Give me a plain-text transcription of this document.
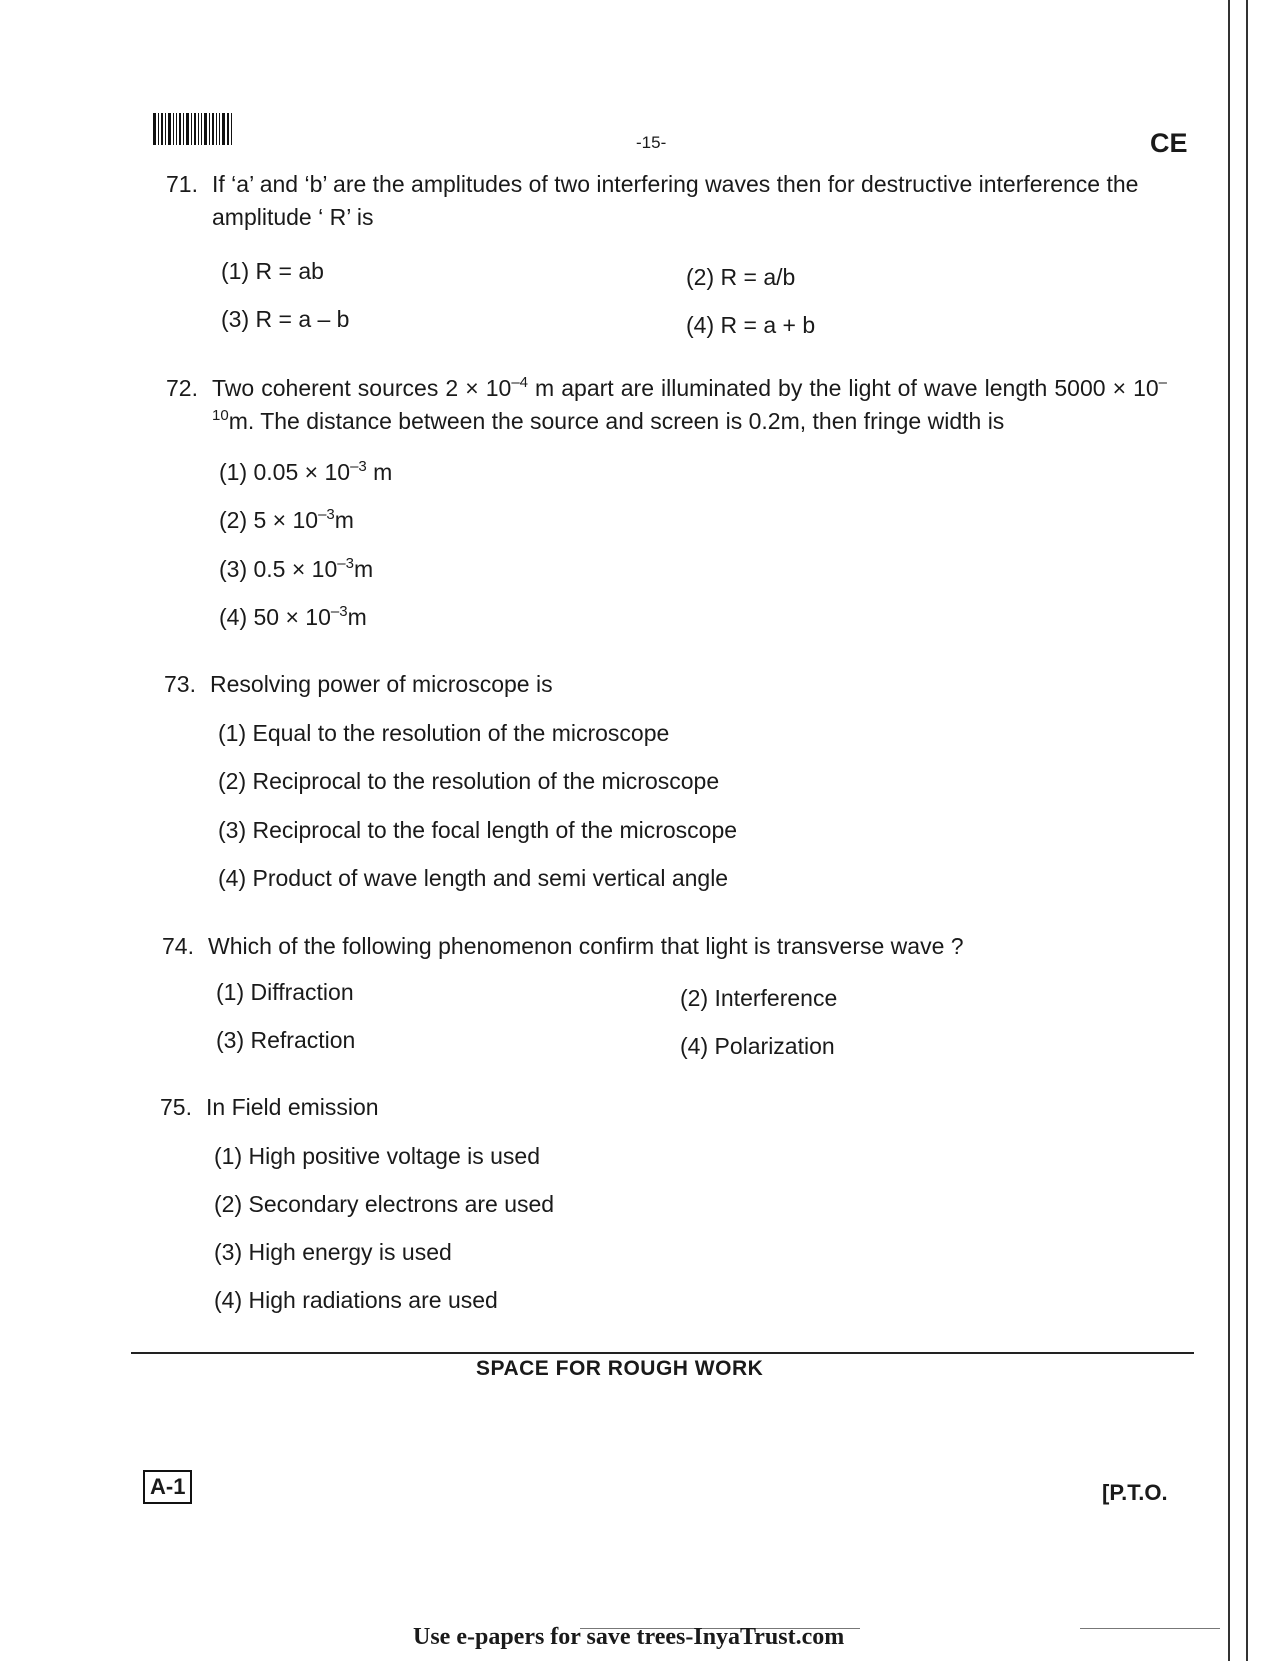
-15-	CE
71. If ‘a’ and ‘b’ are the amplitudes of two interfering waves then for destructive interference the amplitude ‘ R’ is
(1) R = ab	(2) R = a/b
(3) R = a – b	(4) R = a + b
72. Two coherent sources $2 \times 10^{-4}$ m apart are illuminated by the light of wave length $5000 \times 10^{-10}m$. The distance between the source and screen is 0.2m, then fringe width is
(1) $0.05 \times 10^{-3}$ m
(2) $5 \times 10^{-3}m$
(3) $0.5 \times 10^{-3}m$
(4) $50 \times 10^{-3}m$
73. Resolving power of microscope is
(1) Equal to the resolution of the microscope
(2) Reciprocal to the resolution of the microscope
(3) Reciprocal to the focal length of the microscope
(4) Product of wave length and semi vertical angle
74. Which of the following phenomenon confirm that light is transverse wave ?
(1) Diffraction	(2) Interference
(3) Refraction	(4) Polarization
75. In Field emission
(1) High positive voltage is used
(2) Secondary electrons are used
(3) High energy is used
(4) High radiations are used
SPACE FOR ROUGH WORK
A-1	[P.T.O.
Use e-papers for save trees-InyaTrust.com
